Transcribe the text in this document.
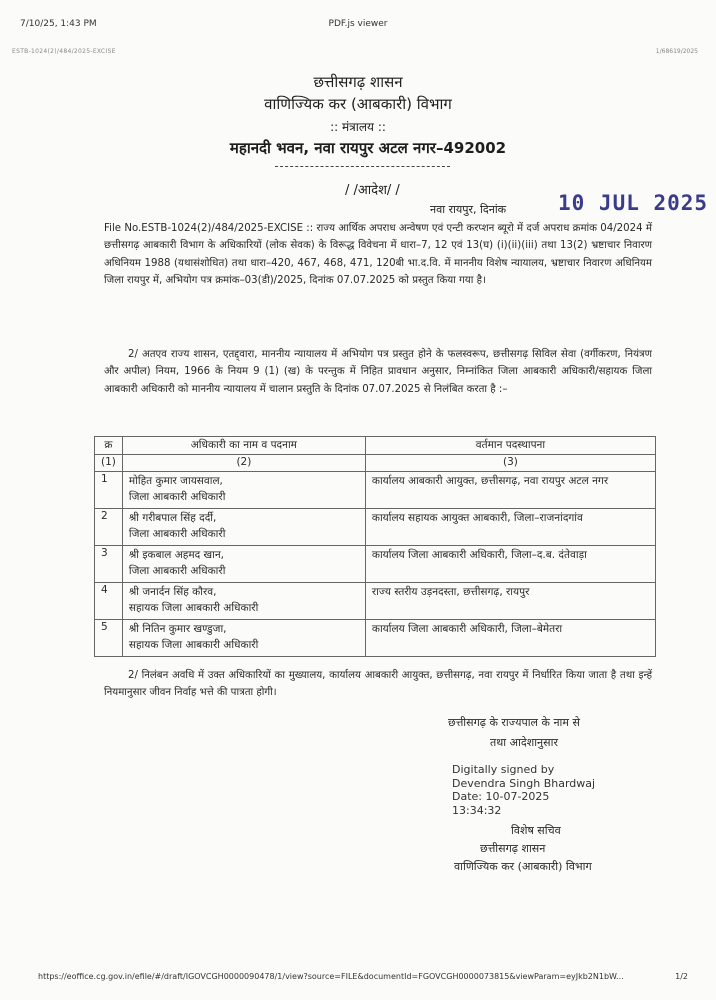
7/10/25, 1:43 PM	PDF.js viewer
ESTB-1024(2)/484/2025-EXCISE	1/68619/2025
छत्तीसगढ़ शासन
वाणिज्यिक कर (आबकारी) विभाग
:: मंत्रालय ::
महानदी भवन, नवा रायपुर अटल नगर–492002
/ /आदेश/ /
नवा रायपुर, दिनांक 10 JUL 2025

File No.ESTB-1024(2)/484/2025-EXCISE :: राज्य आर्थिक अपराध अन्वेषण एवं एन्टी करप्शन ब्यूरो में दर्ज अपराध क्रमांक 04/2024 में छत्तीसगढ़ आबकारी विभाग के अधिकारियों (लोक सेवक) के विरूद्ध विवेचना में धारा–7, 12 एवं 13(घ) (i)(ii)(iii) तथा 13(2) भ्रष्टाचार निवारण अधिनियम 1988 (यथासंशोधित) तथा धारा–420, 467, 468, 471, 120बी भा.द.वि. में माननीय विशेष न्यायालय, भ्रष्टाचार निवारण अधिनियम जिला रायपुर में, अभियोग पत्र क्रमांक–03(डी)/2025, दिनांक 07.07.2025 को प्रस्तुत किया गया है।

2/ अतएव राज्य शासन, एतद्द्वारा, माननीय न्यायालय में अभियोग पत्र प्रस्तुत होने के फलस्वरूप, छत्तीसगढ़ सिविल सेवा (वर्गीकरण, नियंत्रण और अपील) नियम, 1966 के नियम 9 (1) (ख) के परन्तुक में निहित प्रावधान अनुसार, निम्नांकित जिला आबकारी अधिकारी/सहायक जिला आबकारी अधिकारी को माननीय न्यायालय में चालान प्रस्तुति के दिनांक 07.07.2025 से निलंबित करता है :–

क्र	अधिकारी का नाम व पदनाम	वर्तमान पदस्थापना
(1)	(2)	(3)
1	मोहित कुमार जायसवाल,
जिला आबकारी अधिकारी	कार्यालय आबकारी आयुक्त, छत्तीसगढ़, नवा रायपुर अटल नगर
2	श्री गरीबपाल सिंह दर्दी,
जिला आबकारी अधिकारी	कार्यालय सहायक आयुक्त आबकारी, जिला–राजनांदगांव
3	श्री इकबाल अहमद खान,
जिला आबकारी अधिकारी	कार्यालय जिला आबकारी अधिकारी, जिला–द.ब. दंतेवाड़ा
4	श्री जनार्दन सिंह कौरव,
सहायक जिला आबकारी अधिकारी	राज्य स्तरीय उड़नदस्ता, छत्तीसगढ़, रायपुर
5	श्री नितिन कुमार खण्डुजा,
सहायक जिला आबकारी अधिकारी	कार्यालय जिला आबकारी अधिकारी, जिला–बेमेतरा

2/ निलंबन अवधि में उक्त अधिकारियों का मुख्यालय, कार्यालय आबकारी आयुक्त, छत्तीसगढ़, नवा रायपुर में निर्धारित किया जाता है तथा इन्हें नियमानुसार जीवन निर्वाह भत्ते की पात्रता होगी।

छत्तीसगढ़ के राज्यपाल के नाम से
तथा आदेशानुसार
Digitally signed by
Devendra Singh Bhardwaj
Date: 10-07-2025
13:34:32
विशेष सचिव
छत्तीसगढ़ शासन
वाणिज्यिक कर (आबकारी) विभाग
https://eoffice.cg.gov.in/efile/#/draft/IGOVCGH0000090478/1/view?source=FILE&documentId=FGOVCGH0000073815&viewParam=eyJkb2N1bW...	1/2
